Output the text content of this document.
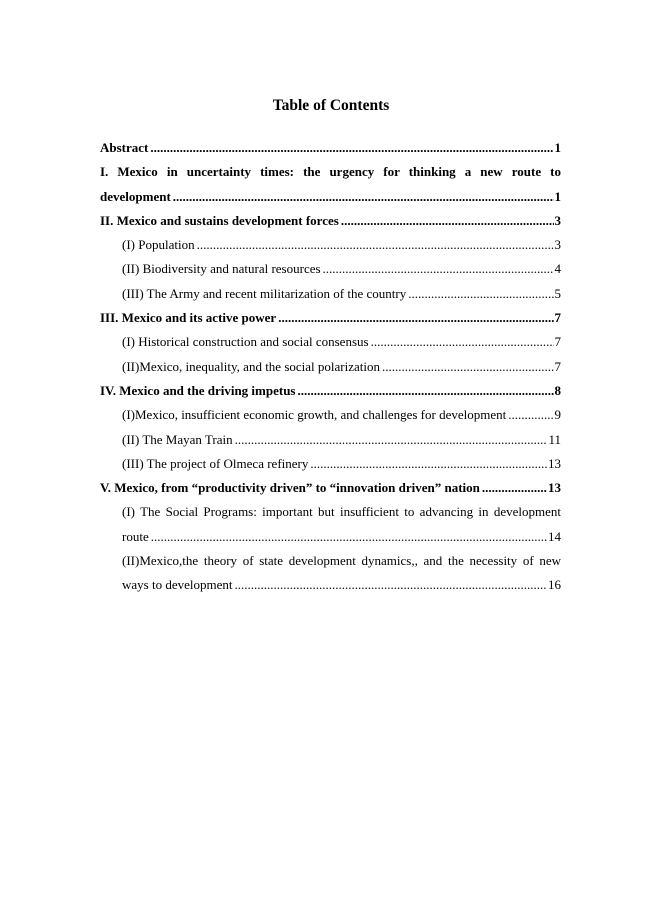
Table of Contents
Abstract .....	1
I. Mexico in uncertainty times: the urgency for thinking a new route to
development .....	1
II. Mexico and sustains development forces .....	3
(I) Population .....	3
(II) Biodiversity and natural resources .....	4
(III) The Army and recent militarization of the country .....	5
III. Mexico and its active power .....	7
(I) Historical construction and social consensus .....	7
(II)Mexico, inequality, and the social polarization .....	7
IV. Mexico and the driving impetus .....	8
(I)Mexico, insufficient economic growth, and challenges for development .....	9
(II) The Mayan Train .....	11
(III) The project of Olmeca refinery .....	13
V. Mexico, from “productivity driven” to “innovation driven” nation .....	13
(I) The Social Programs: important but insufficient to advancing in development
route .....	14
(II)Mexico,the theory of state development dynamics,, and the necessity of new
ways to development .....	16
